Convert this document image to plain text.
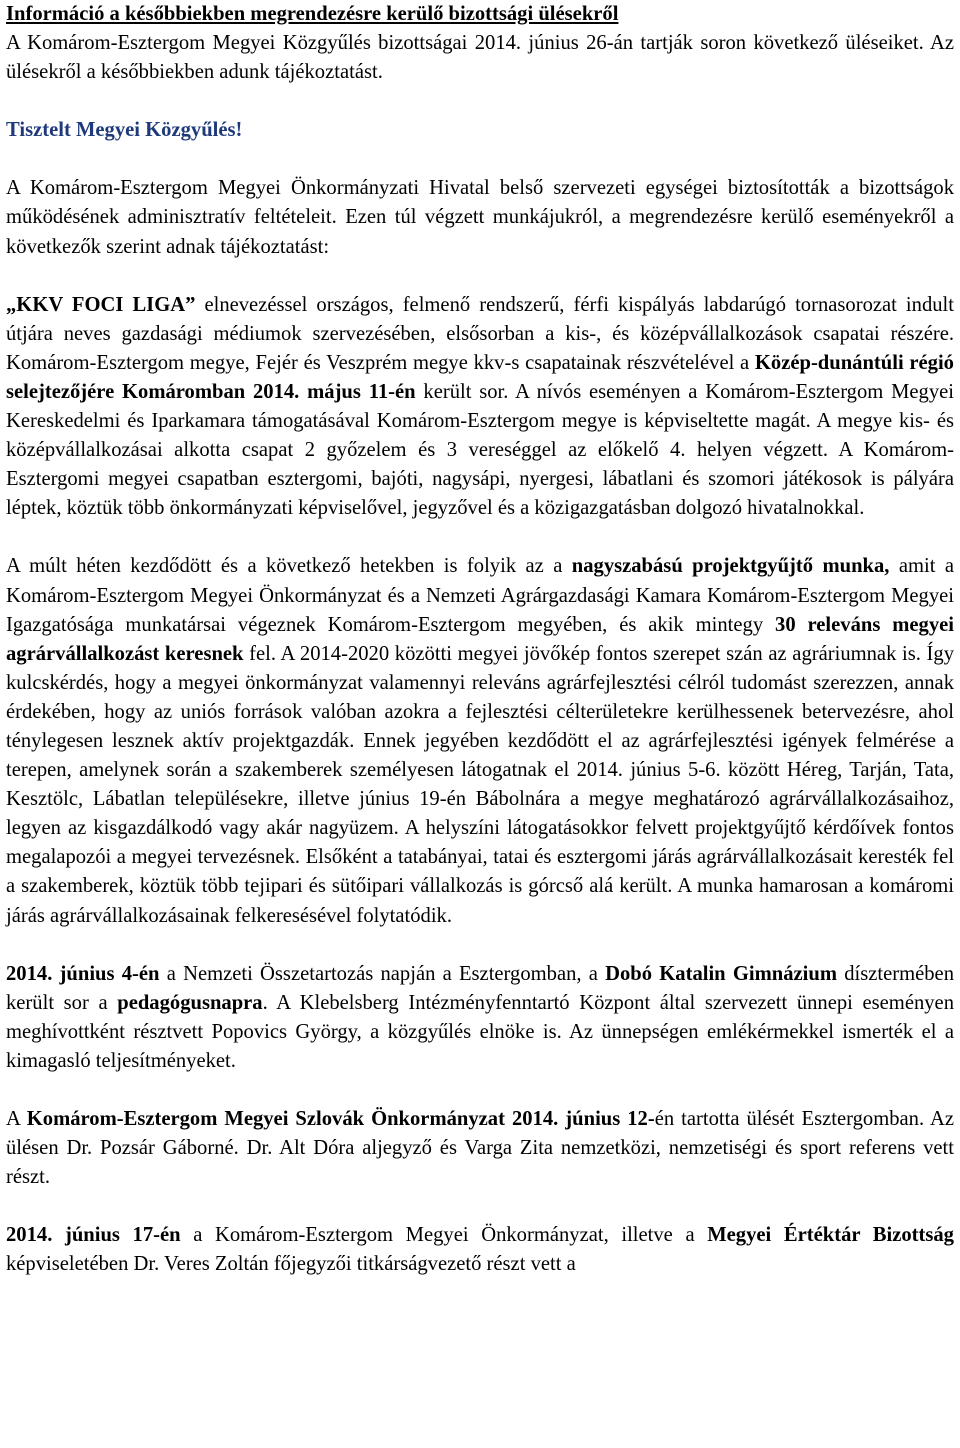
Információ a későbbiekben megrendezésre kerülő bizottsági ülésekről

A Komárom-Esztergom Megyei Közgyűlés bizottságai 2014. június 26-án tartják soron következő üléseiket. Az ülésekről a későbbiekben adunk tájékoztatást.

Tisztelt Megyei Közgyűlés!

A Komárom-Esztergom Megyei Önkormányzati Hivatal belső szervezeti egységei biztosították a bizottságok működésének adminisztratív feltételeit. Ezen túl végzett munkájukról, a megrendezésre kerülő eseményekről a következők szerint adnak tájékoztatást:

„KKV FOCI LIGA” elnevezéssel országos, felmenő rendszerű, férfi kispályás labdarúgó tornasorozat indult útjára neves gazdasági médiumok szervezésében, elsősorban a kis-, és középvállalkozások csapatai részére. Komárom-Esztergom megye, Fejér és Veszprém megye kkv-s csapatainak részvételével a Közép-dunántúli régió selejtezőjére Komáromban 2014. május 11-én került sor. A nívós eseményen a Komárom-Esztergom Megyei Kereskedelmi és Iparkamara támogatásával Komárom-Esztergom megye is képviseltette magát. A megye kis- és középvállalkozásai alkotta csapat 2 győzelem és 3 vereséggel az előkelő 4. helyen végzett. A Komárom-Esztergomi megyei csapatban esztergomi, bajóti, nagysápi, nyergesi, lábatlani és szomori játékosok is pályára léptek, köztük több önkormányzati képviselővel, jegyzővel és a közigazgatásban dolgozó hivatalnokkal.

A múlt héten kezdődött és a következő hetekben is folyik az a nagyszabású projektgyűjtő munka, amit a Komárom-Esztergom Megyei Önkormányzat és a Nemzeti Agrárgazdasági Kamara Komárom-Esztergom Megyei Igazgatósága munkatársai végeznek Komárom-Esztergom megyében, és akik mintegy 30 releváns megyei agrárvállalkozást keresnek fel. A 2014-2020 közötti megyei jövőkép fontos szerepet szán az agráriumnak is. Így kulcskérdés, hogy a megyei önkormányzat valamennyi releváns agrárfejlesztési célról tudomást szerezzen, annak érdekében, hogy az uniós források valóban azokra a fejlesztési célterületekre kerülhessenek betervezésre, ahol ténylegesen lesznek aktív projektgazdák. Ennek jegyében kezdődött el az agrárfejlesztési igények felmérése a terepen, amelynek során a szakemberek személyesen látogatnak el 2014. június 5-6. között Héreg, Tarján, Tata, Kesztölc, Lábatlan településekre, illetve június 19-én Bábolnára a megye meghatározó agrárvállalkozásaihoz, legyen az kisgazdálkodó vagy akár nagyüzem. A helyszíni látogatásokkor felvett projektgyűjtő kérdőívek fontos megalapozói a megyei tervezésnek. Elsőként a tatabányai, tatai és esztergomi járás agrárvállalkozásait keresték fel a szakemberek, köztük több tejipari és sütőipari vállalkozás is górcső alá került. A munka hamarosan a komáromi járás agrárvállalkozásainak felkeresésével folytatódik.

2014. június 4-én a Nemzeti Összetartozás napján a Esztergomban, a Dobó Katalin Gimnázium dísztermében került sor a pedagógusnapra. A Klebelsberg Intézményfenntartó Központ által szervezett ünnepi eseményen meghívottként résztvett Popovics György, a közgyűlés elnöke is. Az ünnepségen emlékérmekkel ismerték el a kimagasló teljesítményeket.

A Komárom-Esztergom Megyei Szlovák Önkormányzat 2014. június 12-én tartotta ülését Esztergomban. Az ülésen Dr. Pozsár Gáborné. Dr. Alt Dóra aljegyző és Varga Zita nemzetközi, nemzetiségi és sport referens vett részt.

2014. június 17-én a Komárom-Esztergom Megyei Önkormányzat, illetve a Megyei Értéktár Bizottság képviseletében Dr. Veres Zoltán főjegyzői titkárságvezető részt vett a
